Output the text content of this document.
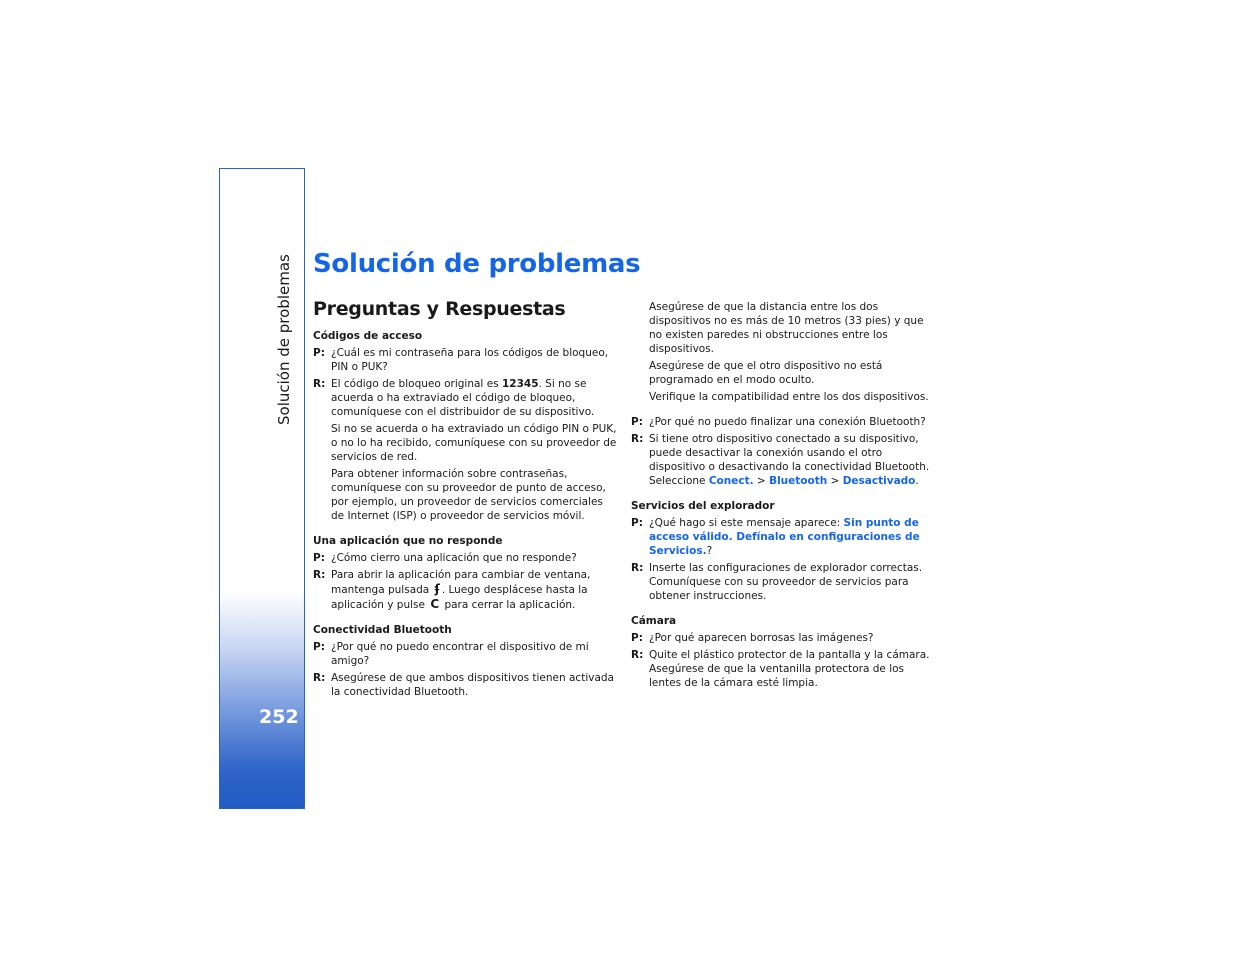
Solución de problemas
252
Solución de problemas
Preguntas y Respuestas
Códigos de acceso
P: ¿Cuál es mi contraseña para los códigos de bloqueo, PIN o PUK?
R: El código de bloqueo original es 12345. Si no se acuerda o ha extraviado el código de bloqueo, comuníquese con el distribuidor de su dispositivo.
Si no se acuerda o ha extraviado un código PIN o PUK, o no lo ha recibido, comuníquese con su proveedor de servicios de red.
Para obtener información sobre contraseñas, comuníquese con su proveedor de punto de acceso, por ejemplo, un proveedor de servicios comerciales de Internet (ISP) o proveedor de servicios móvil.
Una aplicación que no responde
P: ¿Cómo cierro una aplicación que no responde?
R: Para abrir la aplicación para cambiar de ventana, mantenga pulsada ʄ . Luego desplácese hasta la aplicación y pulse C para cerrar la aplicación.
Conectividad Bluetooth
P: ¿Por qué no puedo encontrar el dispositivo de mi amigo?
R: Asegúrese de que ambos dispositivos tienen activada la conectividad Bluetooth.
Asegúrese de que la distancia entre los dos dispositivos no es más de 10 metros (33 pies) y que no existen paredes ni obstrucciones entre los dispositivos.
Asegúrese de que el otro dispositivo no está programado en el modo oculto.
Verifique la compatibilidad entre los dos dispositivos.
P: ¿Por qué no puedo finalizar una conexión Bluetooth?
R: Si tiene otro dispositivo conectado a su dispositivo, puede desactivar la conexión usando el otro dispositivo o desactivando la conectividad Bluetooth. Seleccione Conect. > Bluetooth > Desactivado.
Servicios del explorador
P: ¿Qué hago si este mensaje aparece: Sin punto de acceso válido. Defínalo en configuraciones de Servicios.?
R: Inserte las configuraciones de explorador correctas. Comuníquese con su proveedor de servicios para obtener instrucciones.
Cámara
P: ¿Por qué aparecen borrosas las imágenes?
R: Quite el plástico protector de la pantalla y la cámara. Asegúrese de que la ventanilla protectora de los lentes de la cámara esté limpia.
